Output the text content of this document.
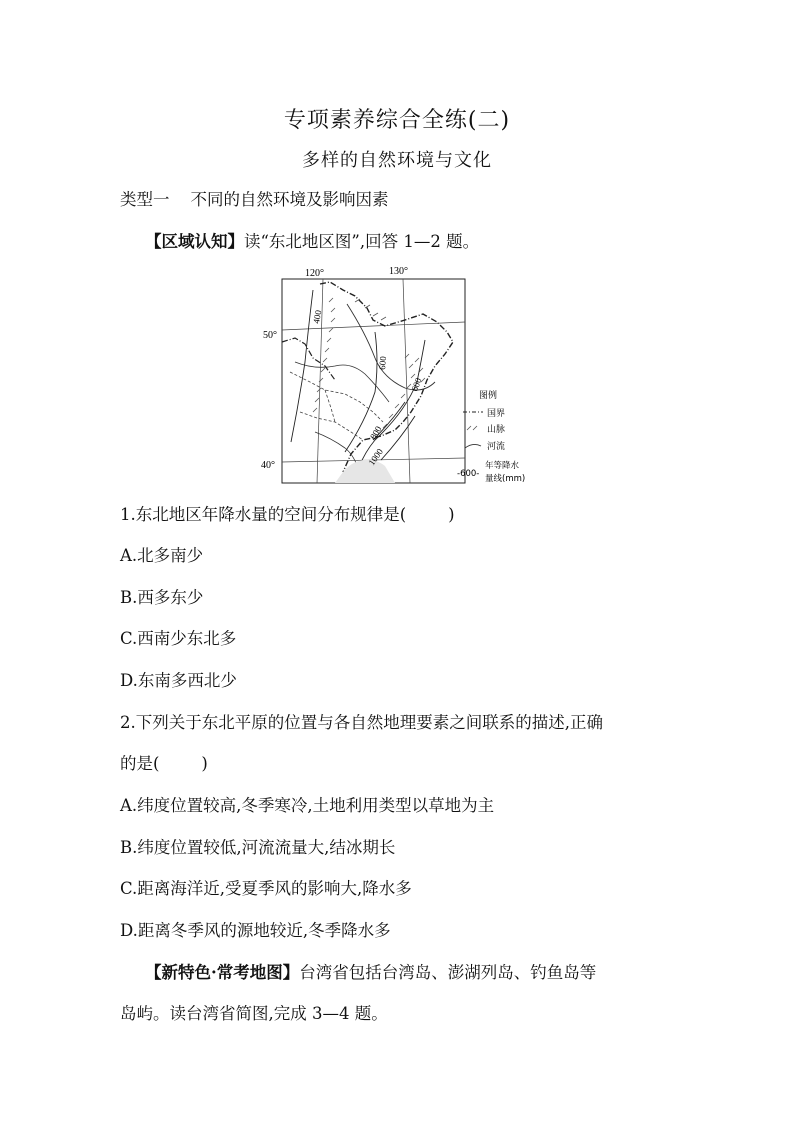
专项素养综合全练(二)
多样的自然环境与文化
类型一    不同的自然环境及影响因素
【区域认知】读“东北地区图”,回答 1—2 题。
120°	130°
50°
40°
400
600
600
800
1000
图例
国界
山脉
河流
-600-
年等降水
量线(mm)
1.东北地区年降水量的空间分布规律是(        )
A.北多南少
B.西多东少
C.西南少东北多
D.东南多西北少
2.下列关于东北平原的位置与各自然地理要素之间联系的描述,正确
的是(        )
A.纬度位置较高,冬季寒冷,土地利用类型以草地为主
B.纬度位置较低,河流流量大,结冰期长
C.距离海洋近,受夏季风的影响大,降水多
D.距离冬季风的源地较近,冬季降水多
【新特色·常考地图】台湾省包括台湾岛、澎湖列岛、钓鱼岛等
岛屿。读台湾省简图,完成 3—4 题。
